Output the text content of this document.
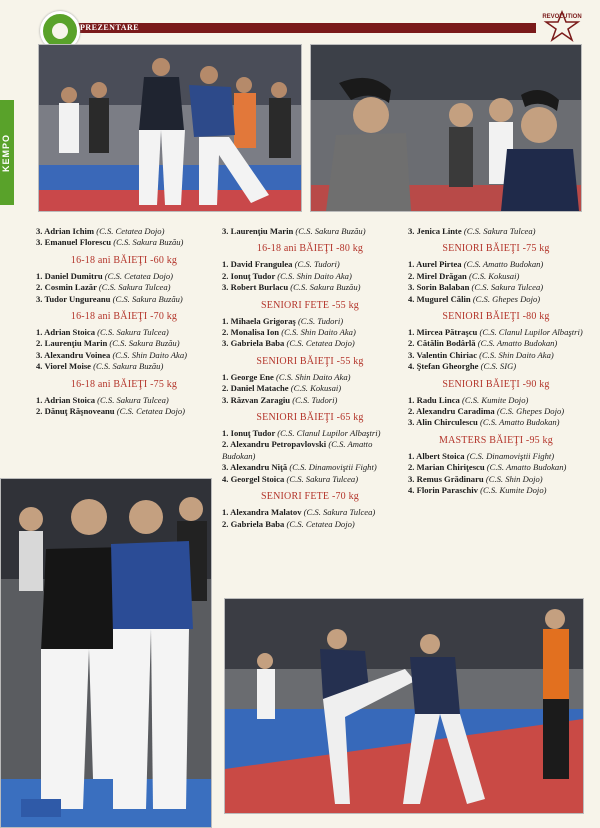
PREZENTARE
REVOLUTION
KEMPO
3. Adrian Ichim (C.S. Cetatea Dojo)
3. Emanuel Florescu (C.S. Sakura Buzău)
16-18 ani BĂIEŢI -60 kg
1. Daniel Dumitru (C.S. Cetatea Dojo)
2. Cosmin Lazăr (C.S. Sakura Tulcea)
3. Tudor Ungureanu (C.S. Sakura Buzău)
16-18 ani BĂIEŢI -70 kg
1. Adrian Stoica (C.S. Sakura Tulcea)
2. Laurenţiu Marin (C.S. Sakura Buzău)
3. Alexandru Voinea (C.S. Shin Daito Aka)
4. Viorel Moise (C.S. Sakura Buzău)
16-18 ani BĂIEŢI -75 kg
1. Adrian Stoica (C.S. Sakura Tulcea)
2. Dănuţ Răşnoveanu (C.S. Cetatea Dojo)
3. Laurenţiu Marin (C.S. Sakura Buzău)
16-18 ani BĂIEŢI -80 kg
1. David Frangulea (C.S. Tudori)
2. Ionuţ Tudor (C.S. Shin Daito Aka)
3. Robert Burlacu (C.S. Sakura Buzău)
SENIORI FETE -55 kg
1. Mihaela Grigoraş (C.S. Tudori)
2. Monalisa Ion (C.S. Shin Daito Aka)
3. Gabriela Baba (C.S. Cetatea Dojo)
SENIORI BĂIEŢI -55 kg
1. George Ene (C.S. Shin Daito Aka)
2. Daniel Matache (C.S. Kokusai)
3. Răzvan Zaragiu (C.S. Tudori)
SENIORI BĂIEŢI -65 kg
1. Ionuţ Tudor (C.S. Clanul Lupilor Albaştri)
2. Alexandru Petropavlovski (C.S. Amatto Budokan)
3. Alexandru Niţă (C.S. Dinamoviştii Fight)
4. Georgel Stoica (C.S. Sakura Tulcea)
SENIORI FETE -70 kg
1. Alexandra Malatov (C.S. Sakura Tulcea)
2. Gabriela Baba (C.S. Cetatea Dojo)
3. Jenica Linte (C.S. Sakura Tulcea)
SENIORI BĂIEŢI -75 kg
1. Aurel Pirtea (C.S. Amatto Budokan)
2. Mirel Drăgan (C.S. Kokusai)
3. Sorin Balaban (C.S. Sakura Tulcea)
4. Mugurel Călin (C.S. Ghepes Dojo)
SENIORI BĂIEŢI -80 kg
1. Mircea Pătraşcu (C.S. Clanul Lupilor Albaştri)
2. Cătălin Bodârlă (C.S. Amatto Budokan)
3. Valentin Chiriac (C.S. Shin Daito Aka)
4. Ştefan Gheorghe (C.S. SIG)
SENIORI BĂIEŢI -90 kg
1. Radu Linca (C.S. Kumite Dojo)
2. Alexandru Caradima (C.S. Ghepes Dojo)
3. Alin Chirculescu (C.S. Amatto Budokan)
MASTERS BĂIEŢI -95 kg
1. Albert Stoica (C.S. Dinamoviştii Fight)
2. Marian Chiriţescu (C.S. Amatto Budokan)
3. Remus Grădinaru (C.S. Shin Dojo)
4. Florin Paraschiv (C.S. Kumite Dojo)
